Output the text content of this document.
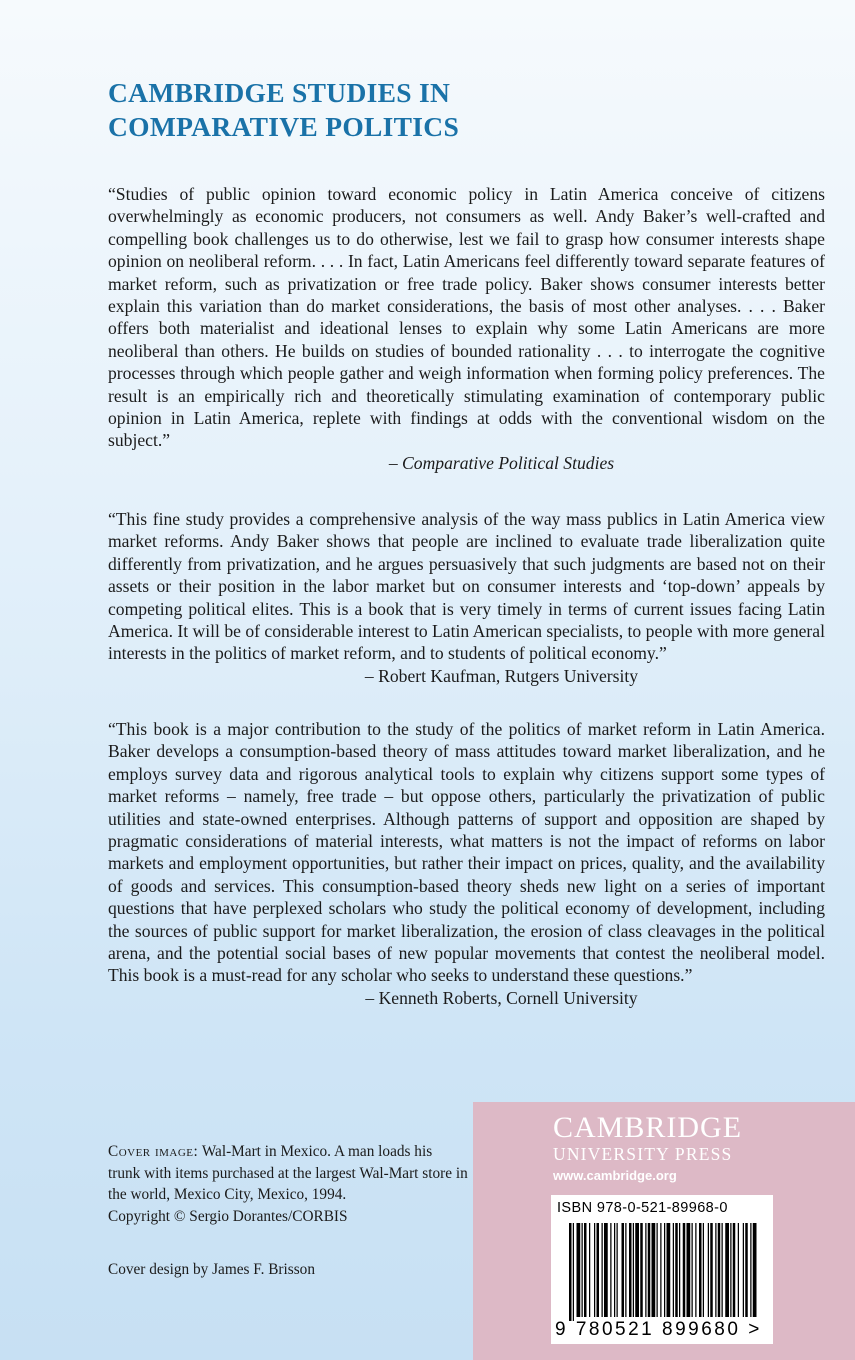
CAMBRIDGE STUDIES IN
COMPARATIVE POLITICS

“Studies of public opinion toward economic policy in Latin America conceive of citizens overwhelmingly as economic producers, not consumers as well. Andy Baker’s well-crafted and compelling book challenges us to do otherwise, lest we fail to grasp how consumer interests shape opinion on neoliberal reform. . . . In fact, Latin Americans feel differently toward separate features of market reform, such as privatization or free trade policy. Baker shows consumer interests better explain this variation than do market considerations, the basis of most other analyses. . . . Baker offers both materialist and ideational lenses to explain why some Latin Americans are more neoliberal than others. He builds on studies of bounded rationality . . . to interrogate the cognitive processes through which people gather and weigh information when forming policy preferences. The result is an empirically rich and theoretically stimulating examination of contemporary public opinion in Latin America, replete with findings at odds with the conventional wisdom on the subject.”

– Comparative Political Studies

“This fine study provides a comprehensive analysis of the way mass publics in Latin America view market reforms. Andy Baker shows that people are inclined to evaluate trade liberalization quite differently from privatization, and he argues persuasively that such judgments are based not on their assets or their position in the labor market but on consumer interests and ‘top-down’ appeals by competing political elites. This is a book that is very timely in terms of current issues facing Latin America. It will be of considerable interest to Latin American specialists, to people with more general interests in the politics of market reform, and to students of political economy.”

– Robert Kaufman, Rutgers University

“This book is a major contribution to the study of the politics of market reform in Latin America. Baker develops a consumption-based theory of mass attitudes toward market liberalization, and he employs survey data and rigorous analytical tools to explain why citizens support some types of market reforms – namely, free trade – but oppose others, particularly the privatization of public utilities and state-owned enterprises. Although patterns of support and opposition are shaped by pragmatic considerations of material interests, what matters is not the impact of reforms on labor markets and employment opportunities, but rather their impact on prices, quality, and the availability of goods and services. This consumption-based theory sheds new light on a series of important questions that have perplexed scholars who study the political economy of development, including the sources of public support for market liberalization, the erosion of class cleavages in the political arena, and the potential social bases of new popular movements that contest the neoliberal model. This book is a must-read for any scholar who seeks to understand these questions.”

– Kenneth Roberts, Cornell University

Cover image: Wal-Mart in Mexico. A man loads his trunk with items purchased at the largest Wal-Mart store in the world, Mexico City, Mexico, 1994.
Copyright © Sergio Dorantes/CORBIS

Cover design by James F. Brisson

CAMBRIDGE

UNIVERSITY PRESS

www.cambridge.org

ISBN 978-0-521-89968-0

9 780521 899680 >
